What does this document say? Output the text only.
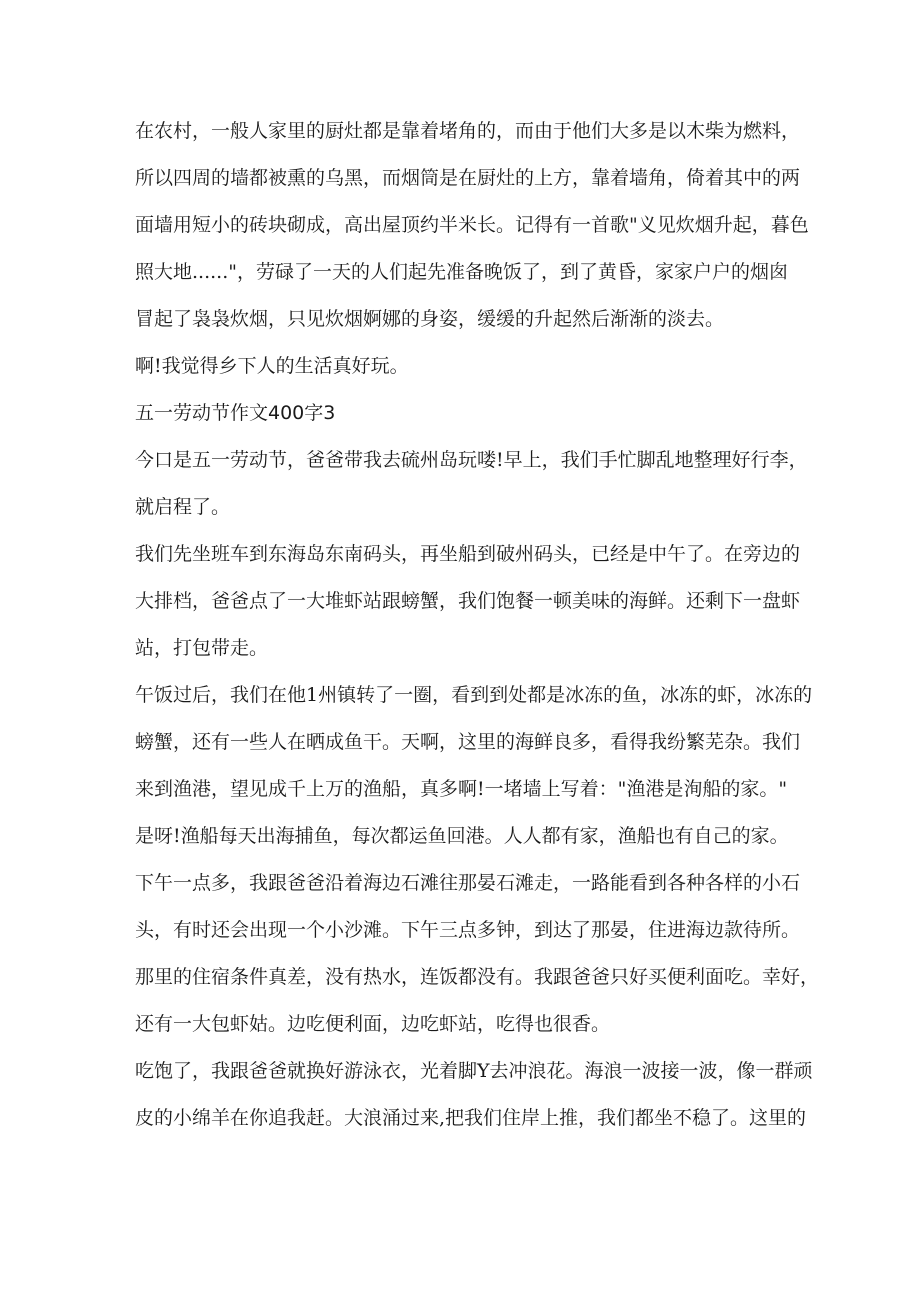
在农村，一般人家里的厨灶都是靠着堵角的，而由于他们大多是以木柴为燃料，
所以四周的墙都被熏的乌黑，而烟筒是在厨灶的上方，靠着墙角，倚着其中的两
面墙用短小的砖块砌成，高出屋顶约半米长。记得有一首歌"义见炊烟升起，暮色
照大地......"，劳碌了一天的人们起先准备晚饭了，到了黄昏，家家户户的烟囱
冒起了袅袅炊烟，只见炊烟婀娜的身姿，缓缓的升起然后渐渐的淡去。
啊!我觉得乡下人的生活真好玩。
五一劳动节作文400字3
今口是五一劳动节，爸爸带我去硫州岛玩喽!早上，我们手忙脚乱地整理好行李，
就启程了。
我们先坐班车到东海岛东南码头，再坐船到破州码头，已经是中午了。在旁边的
大排档，爸爸点了一大堆虾站跟螃蟹，我们饱餐一顿美味的海鲜。还剩下一盘虾
站，打包带走。
午饭过后，我们在他1州镇转了一圈，看到到处都是冰冻的鱼，冰冻的虾，冰冻的
螃蟹，还有一些人在晒成鱼干。天啊，这里的海鲜良多，看得我纷繁芜杂。我们
来到渔港，望见成千上万的渔船，真多啊!一堵墙上写着："渔港是洵船的家。"
是呀!渔船每天出海捕鱼，每次都运鱼回港。人人都有家，渔船也有自己的家。
下午一点多，我跟爸爸沿着海边石滩往那晏石滩走，一路能看到各种各样的小石
头，有时还会出现一个小沙滩。下午三点多钟，到达了那晏，住进海边款待所。
那里的住宿条件真差，没有热水，连饭都没有。我跟爸爸只好买便利面吃。幸好，
还有一大包虾姑。边吃便利面，边吃虾站，吃得也很香。
吃饱了，我跟爸爸就换好游泳衣，光着脚Y去冲浪花。海浪一波接一波，像一群顽
皮的小绵羊在你追我赶。大浪涌过来,把我们住岸上推，我们都坐不稳了。这里的
